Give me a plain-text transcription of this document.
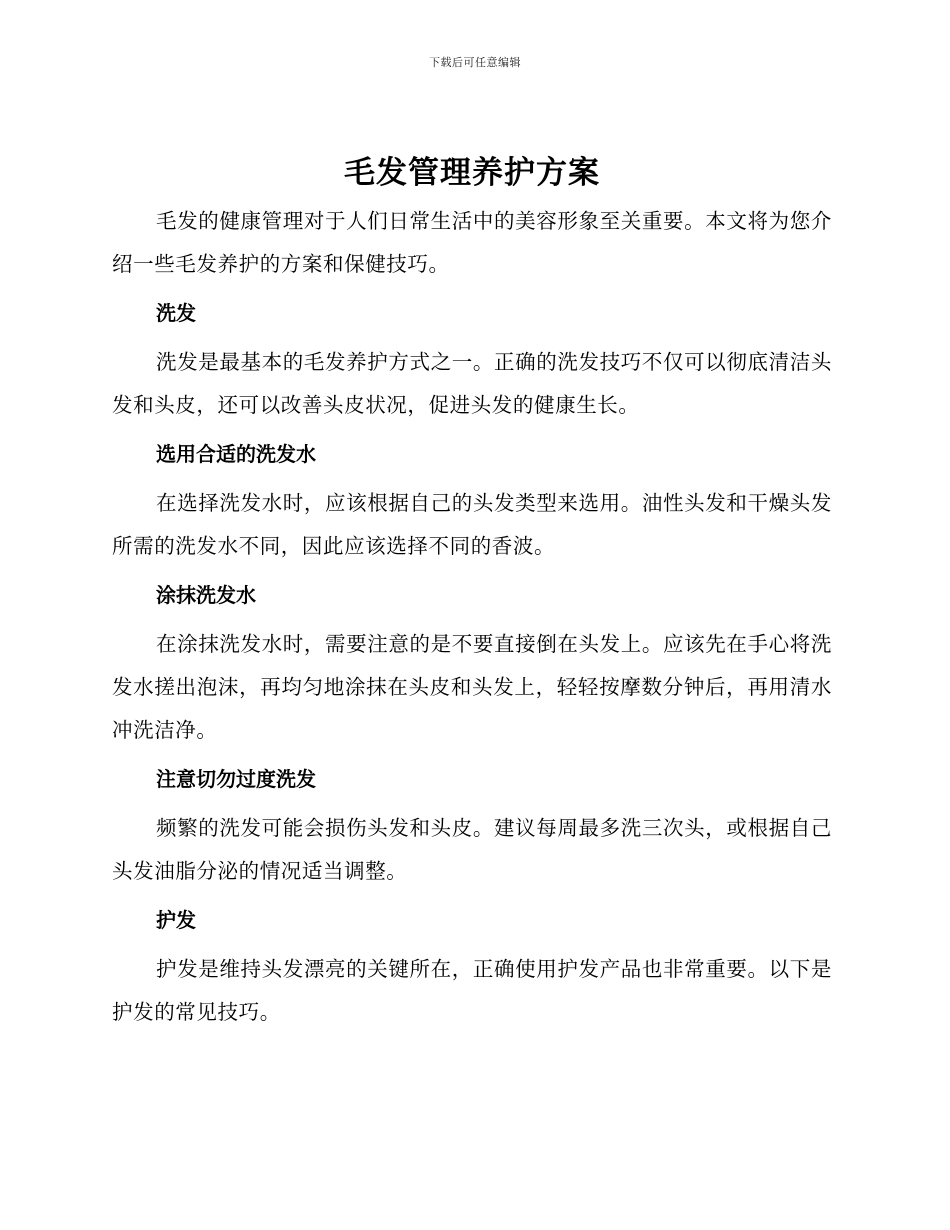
下载后可任意编辑
毛发管理养护方案

毛发的健康管理对于人们日常生活中的美容形象至关重要。本文将为您介绍一些毛发养护的方案和保健技巧。

洗发

洗发是最基本的毛发养护方式之一。正确的洗发技巧不仅可以彻底清洁头发和头皮，还可以改善头皮状况，促进头发的健康生长。

选用合适的洗发水

在选择洗发水时，应该根据自己的头发类型来选用。油性头发和干燥头发所需的洗发水不同，因此应该选择不同的香波。

涂抹洗发水

在涂抹洗发水时，需要注意的是不要直接倒在头发上。应该先在手心将洗发水搓出泡沫，再均匀地涂抹在头皮和头发上，轻轻按摩数分钟后，再用清水冲洗洁净。

注意切勿过度洗发

频繁的洗发可能会损伤头发和头皮。建议每周最多洗三次头，或根据自己头发油脂分泌的情况适当调整。

护发

护发是维持头发漂亮的关键所在，正确使用护发产品也非常重要。以下是护发的常见技巧。
